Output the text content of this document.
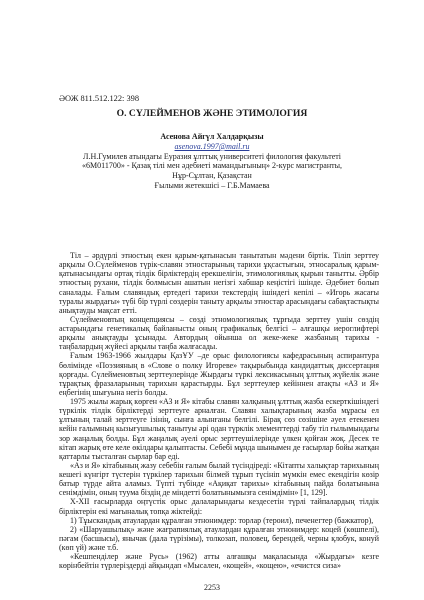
ӘОЖ 811.512.122: 398
О. СҮЛЕЙМЕНОВ ЖӘНЕ ЭТИМОЛОГИЯ
Асенова Айгүл Халдарқызы
asenova.1997@mail.ru
Л.Н.Гумилев атындағы Еуразия ұлттық университеті филология факультеті
«6M011700» - Қазақ тілі мен әдебиеті мамандығының» 2-курс магистранты,
Нұр-Сұлтан, Қазақстан
Ғылыми жетекшісі – Г.Б.Мамаева

Тіл – әрдүрлі этностың екен қарым-қатынасын танытатын мәдени біртік. Тіліп зерттеу арқылы О.Сүлейменов түрік-славян этностарының тарихи ұқсастығын, этносаралық қарым-қатынасындағы ортақ тілдік бірліктердің ерекшелігін, этимологиялық қырын танытты. Әрбір этностың рухани, тілдік болмысын ашатын негізгі хабшар кеңістігі ішінде. Әдебиет болып саналады. Ғалым славяндық ертедегі тарихи текстердің ішіндегі кепілі – «Игорь жасағы туралы жырдағы» түбі бір түрлі сөздерін таныту арқылы этностар арасындағы сабақтастықты анықтауды мақсат етті.

Сүлейменовтың концепциясы – сөзді этномологиялық тұрғыда зерттеу ушін сөздің астарындағы генетикалық байланысты оның графикалық белгісі – алғашқы иероглифтері арқылы анықтауды ұсынады. Автордың ойынша ол жеке-жеке жазбаның тарихы - таңбалардың жүйесі арқылы таңба жалғасады.

Ғалым 1963-1966 жылдары ҚазҰУ –де орыс филологиясы кафедрасының аспирантура бөлімінде «Поэзияның в «Слове о полку Игореве» тақырыбында кандидаттық диссертация қорғады. Сүлейменовтың зерттеулерінде Жырдағы түркі лексикасының ұлттық жүйелік және тұрақтық фразаларының тарихын қарастырды. Бұл зерттеулер кейіннен атақты «АЗ и Я» еңбегінің шығуына негіз болды.

1975 жылы жарық көрген «АЗ и Я» кітабы славян халқының ұлттық жазба ескерткішіндегі түркілік тілдік бірліктерді зерттеуге арналған. Славян халықтарының жазба мұрасы ел ұлтының талай зерттеуге ізінің, сынға алынғаны белгілі. Бірақ сөз сөзішіне әуел етекенен кейін ғалымның кызығушылық танытуы әрі одан түрклік элементтерді табу тіл ғылымындағы зор жаңалық болды. Бұл жаңалық әуелі орыс зерттеушілерінде үлкен қойған жоқ. Десек те кітап жарық өте келе өкілдары қалыптасты. Себебі мұнда шынымен де ғасырлар бойы жатқан қаттарлы тысталған сырлар бар еді.

«Аз и Я» кітабының жазу себебін ғалым былай түсіндіреді: «Кітапты халықтар тарихының кешегі күнгірт түстерін түркілер тарихын білмей тұрып түсініп мүмкін емес екендігін көзір батыр түрде айта аламыз. Түпті түбінде «Ақиқат тарихы» кітабының пайда болатынына сенімдімін, оның туума біздің де міндетті болатынымызға сенімдімін» [1, 129].

Х-ХІІ ғасырларда оңтүстік орыс далаларындағы кездесетін түрлі тайпалардың тілдік бірліктерін екі мағыналық топқа жіктейді:

1) Тұыскандық атаулардан құралған этнонимдер: торлар (тероил), печенегтер (бажкатор),

2) «Шаруашылық» және жағрапиялық атаулардан құралған этнонимдер: коцей (көшпелі), пәгам (басшысы), янычак (дала түрізімы), толкозап, половец, берендей, черны қлобук, конуй (көп үй) және т.б.

«Кешпенділер және Русь» (1962) атты алғашқы мақаласында «Жырдағы» кезге көрінбейтін түрлеріздерді айқындап «Мысален, «кощей», «кощею», «ечистся сиза»

2253
